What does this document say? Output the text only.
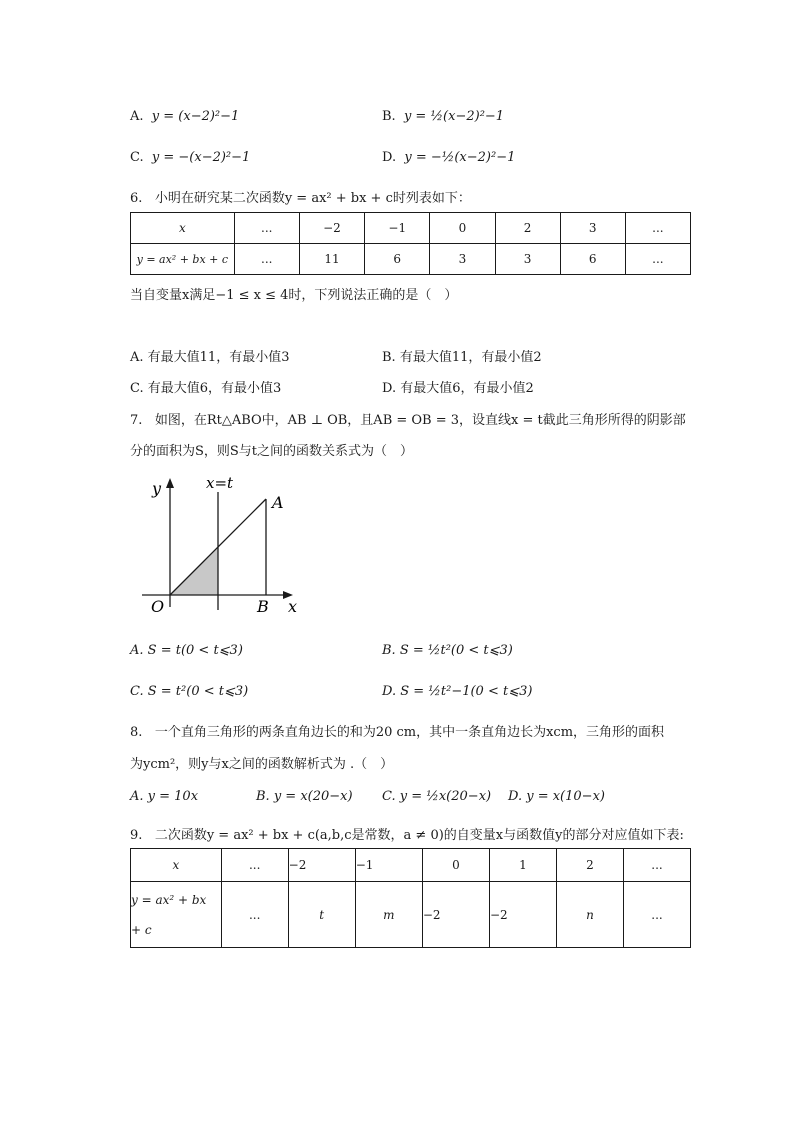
A. y = (x−2)²−1	B. y = ½(x−2)²−1
C. y = −(x−2)²−1	D. y = −½(x−2)²−1
6. 小明在研究某二次函数y = ax² + bx + c时列表如下：
x	...	−2	−1	0	2	3	...
y = ax² + bx + c	...	11	6	3	3	6	...
当自变量x满足−1 ≤ x ≤ 4时，下列说法正确的是（　）
A. 有最大值11，有最小值3	B. 有最大值11，有最小值2
C. 有最大值6，有最小值3	D. 有最大值6，有最小值2
7. 如图，在Rt△ABO中，AB ⊥ OB，且AB = OB = 3，设直线x = t截此三角形所得的阴影部
分的面积为S，则S与t之间的函数关系式为（　）
y
x
x=t
A
B
O
A. S = t(0 < t⩽3)	B. S = ½t²(0 < t⩽3)
C. S = t²(0 < t⩽3)	D. S = ½t²−1(0 < t⩽3)
8. 一个直角三角形的两条直角边长的和为20 cm，其中一条直角边长为xcm，三角形的面积
为ycm²，则y与x之间的函数解析式为 .（　）
A. y = 10x	B. y = x(20−x) C. y = ½x(20−x) D. y = x(10−x)
9. 二次函数y = ax² + bx + c(a,b,c是常数，a ≠ 0)的自变量x与函数值y的部分对应值如下表:
x	...	−2	−1	0	1	2	...

y = ax² + bx
+ c	...	t	m	−2	−2	n	...
